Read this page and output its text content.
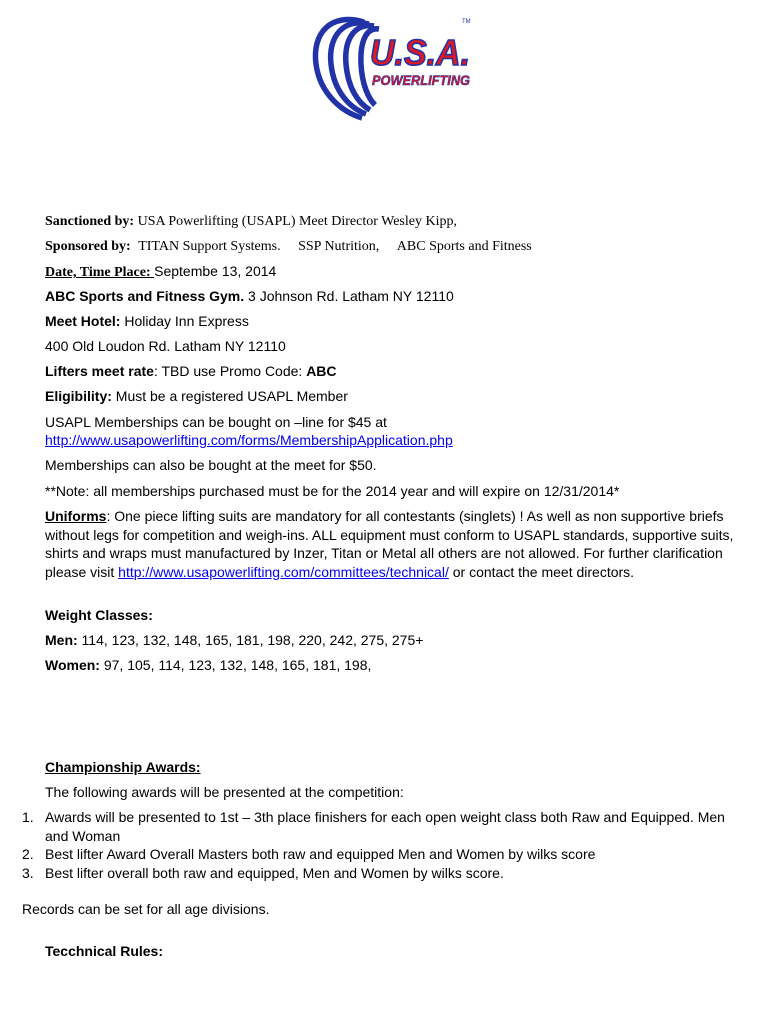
TM
U.S.A.
POWERLIFTING
Sanctioned by: USA Powerlifting (USAPL) Meet Director Wesley Kipp,
Sponsored by: TITAN Support Systems. SSP Nutrition, ABC Sports and Fitness
Date, Time Place: Septembe 13, 2014
ABC Sports and Fitness Gym. 3 Johnson Rd. Latham NY 12110
Meet Hotel: Holiday Inn Express
400 Old Loudon Rd. Latham NY 12110
Lifters meet rate: TBD use Promo Code: ABC
Eligibility: Must be a registered USAPL Member
USAPL Memberships can be bought on –line for $45 at
http://www.usapowerlifting.com/forms/MembershipApplication.php
Memberships can also be bought at the meet for $50.
**Note: all memberships purchased must be for the 2014 year and will expire on 12/31/2014*
Uniforms: One piece lifting suits are mandatory for all contestants (singlets) ! As well as non supportive briefs without legs for competition and weigh-ins. ALL equipment must conform to USAPL standards, supportive suits, shirts and wraps must manufactured by Inzer, Titan or Metal all others are not allowed. For further clarification please visit http://www.usapowerlifting.com/committees/technical/ or contact the meet directors.
Weight Classes:
Men: 114, 123, 132, 148, 165, 181, 198, 220, 242, 275, 275+
Women: 97, 105, 114, 123, 132, 148, 165, 181, 198,
Championship Awards:
The following awards will be presented at the competition:
1. Awards will be presented to 1st – 3th place finishers for each open weight class both Raw and Equipped. Men and Woman
2. Best lifter Award Overall Masters both raw and equipped Men and Women by wilks score
3. Best lifter overall both raw and equipped, Men and Women by wilks score.
Records can be set for all age divisions.
Tecchnical Rules:
